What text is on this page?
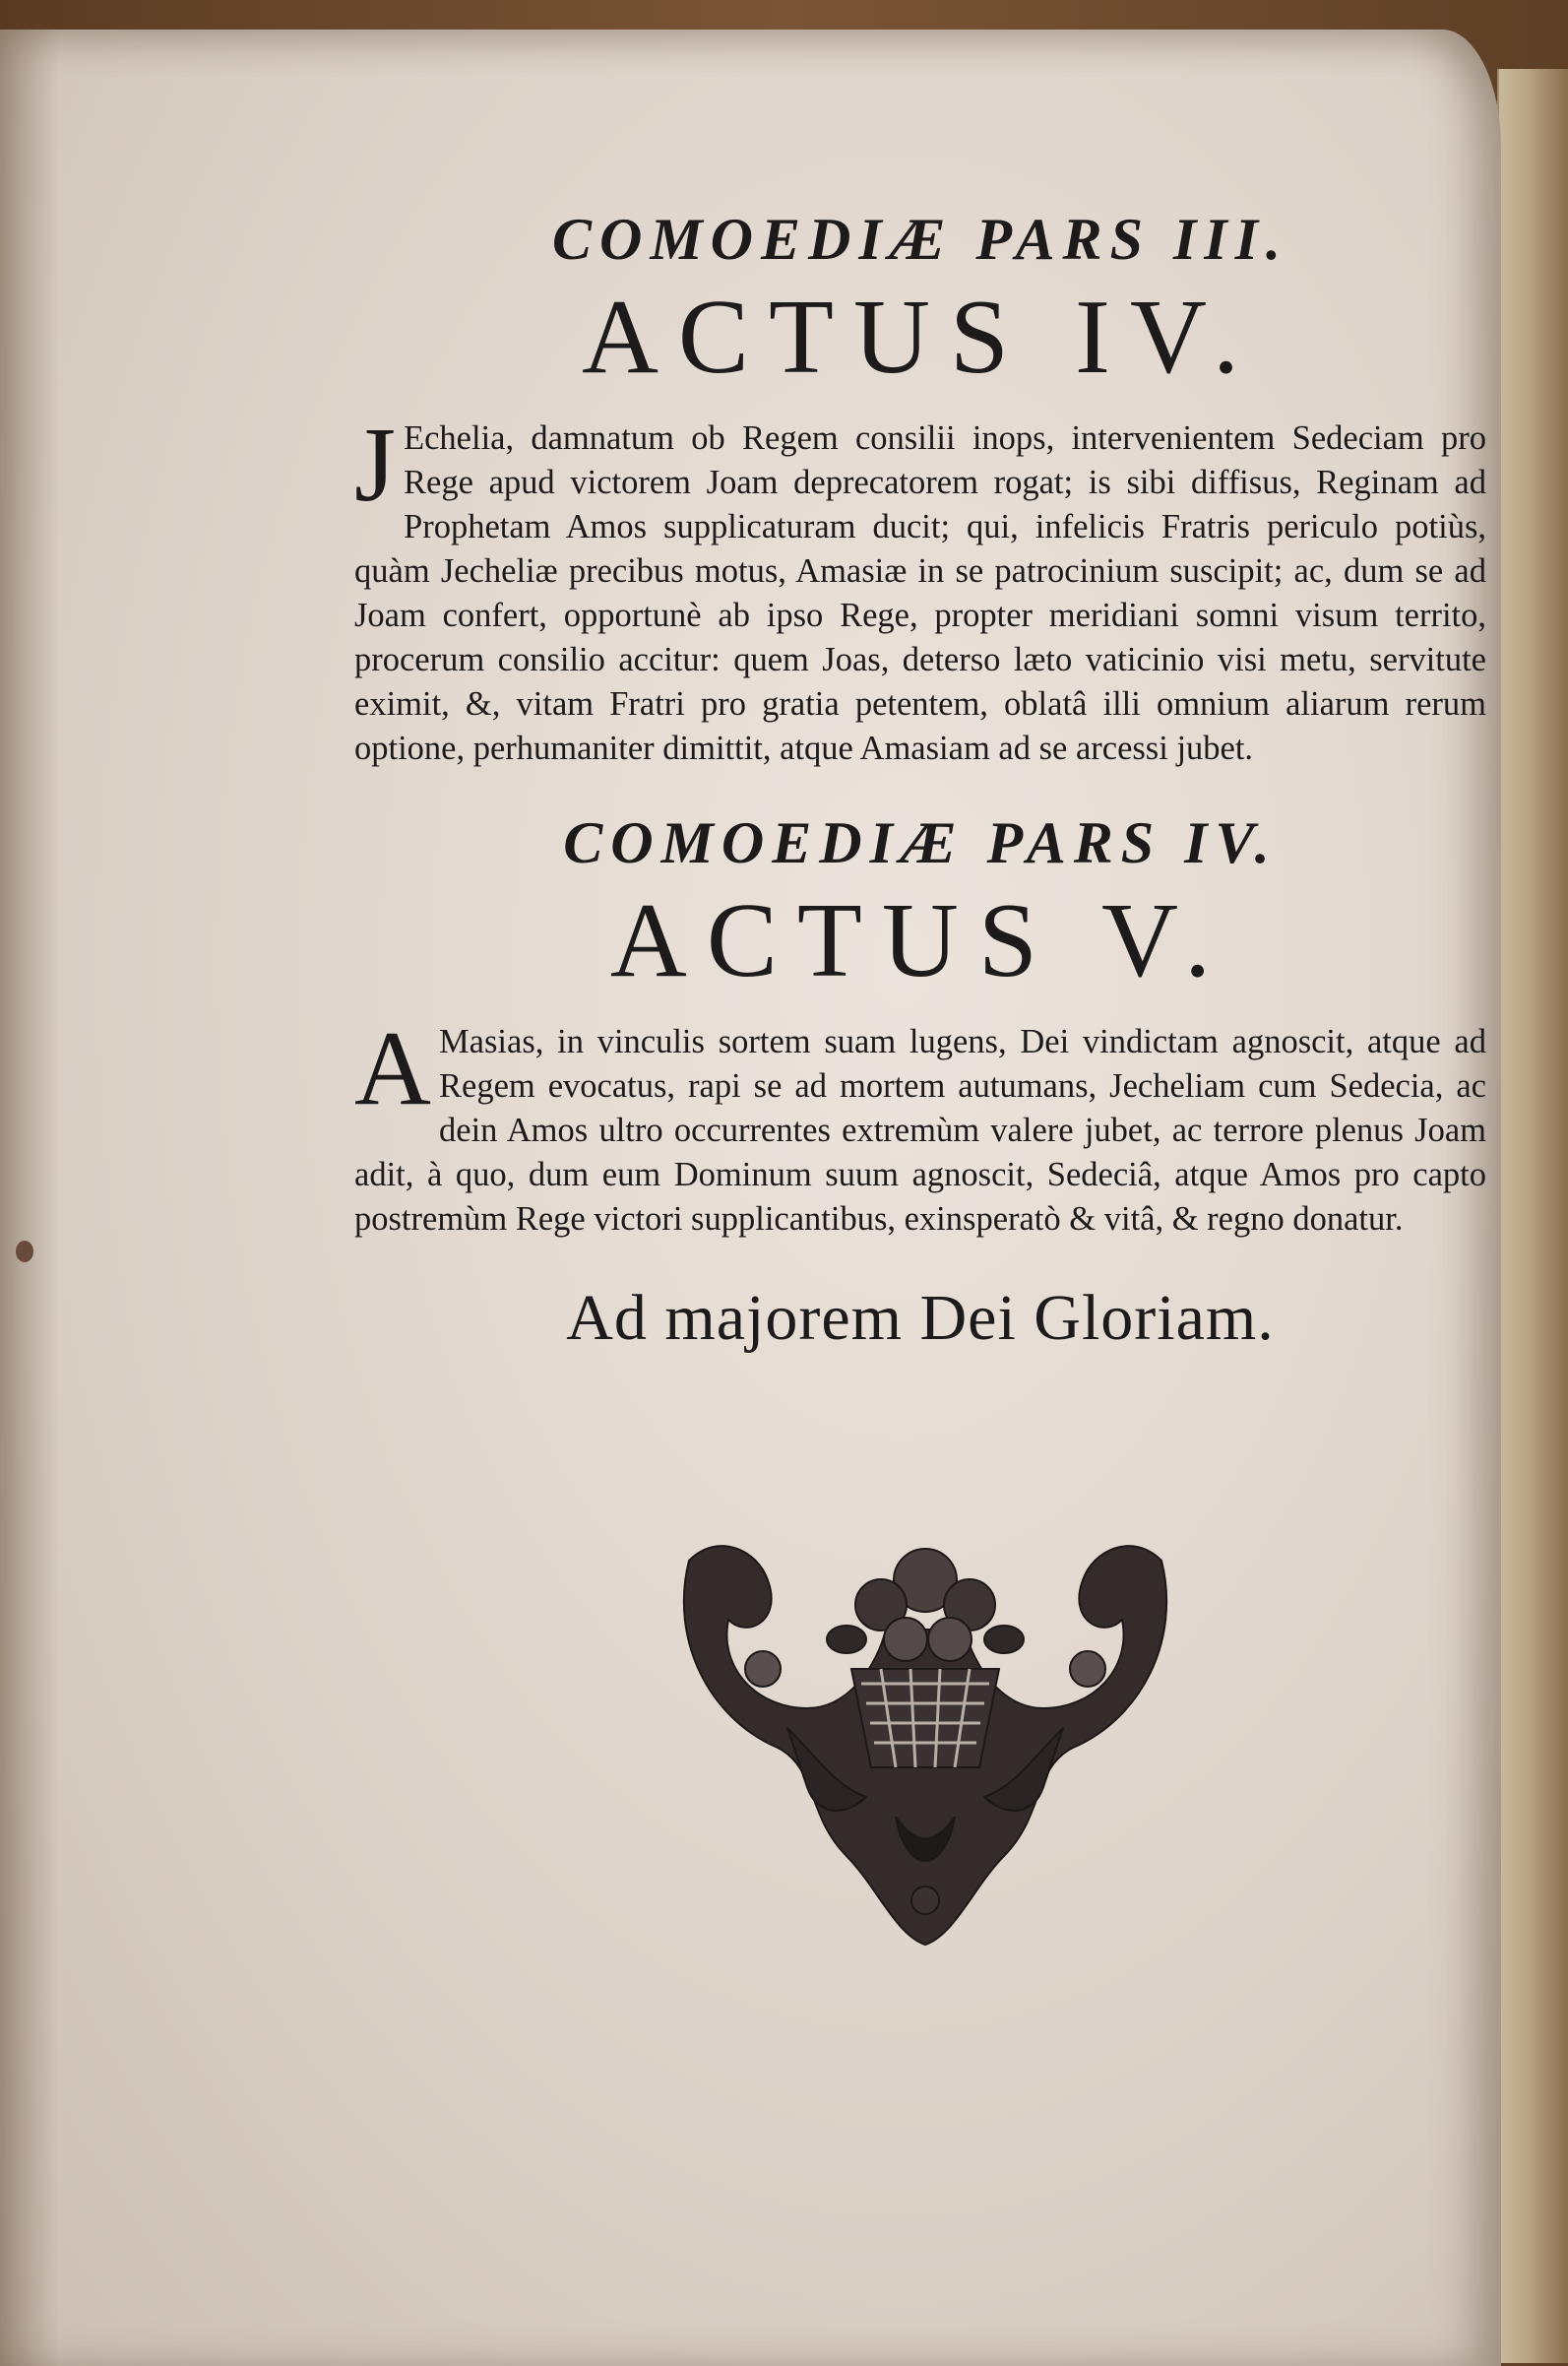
COMOEDIÆ PARS III.
ACTUS IV.

J Echelia, damnatum ob Regem consilii inops, intervenientem Sedeciam pro Rege apud victorem Joam deprecatorem rogat; is sibi diffisus, Reginam ad Prophetam Amos supplicaturam ducit; qui, infelicis Fratris periculo potiùs, quàm Jecheliæ precibus motus, Amasiæ in se patrocinium suscipit; ac, dum se ad Joam confert, opportunè ab ipso Rege, propter meridiani somni visum territo, procerum consilio accitur: quem Joas, deterso læto vaticinio visi metu, servitute eximit, &, vitam Fratri pro gratia petentem, oblatâ illi omnium aliarum rerum optione, perhumaniter dimittit, atque Amasiam ad se arcessi jubet.

COMOEDIÆ PARS IV.
ACTUS V.

A Masias, in vinculis sortem suam lugens, Dei vindictam agnoscit, atque ad Regem evocatus, rapi se ad mortem autumans, Jecheliam cum Sedecia, ac dein Amos ultro occurrentes extremùm valere jubet, ac terrore plenus Joam adit, à quo, dum eum Dominum suum agnoscit, Sedeciâ, atque Amos pro capto postremùm Rege victori supplicantibus, exinsperatò & vitâ, & regno donatur.

Ad majorem Dei Gloriam.
